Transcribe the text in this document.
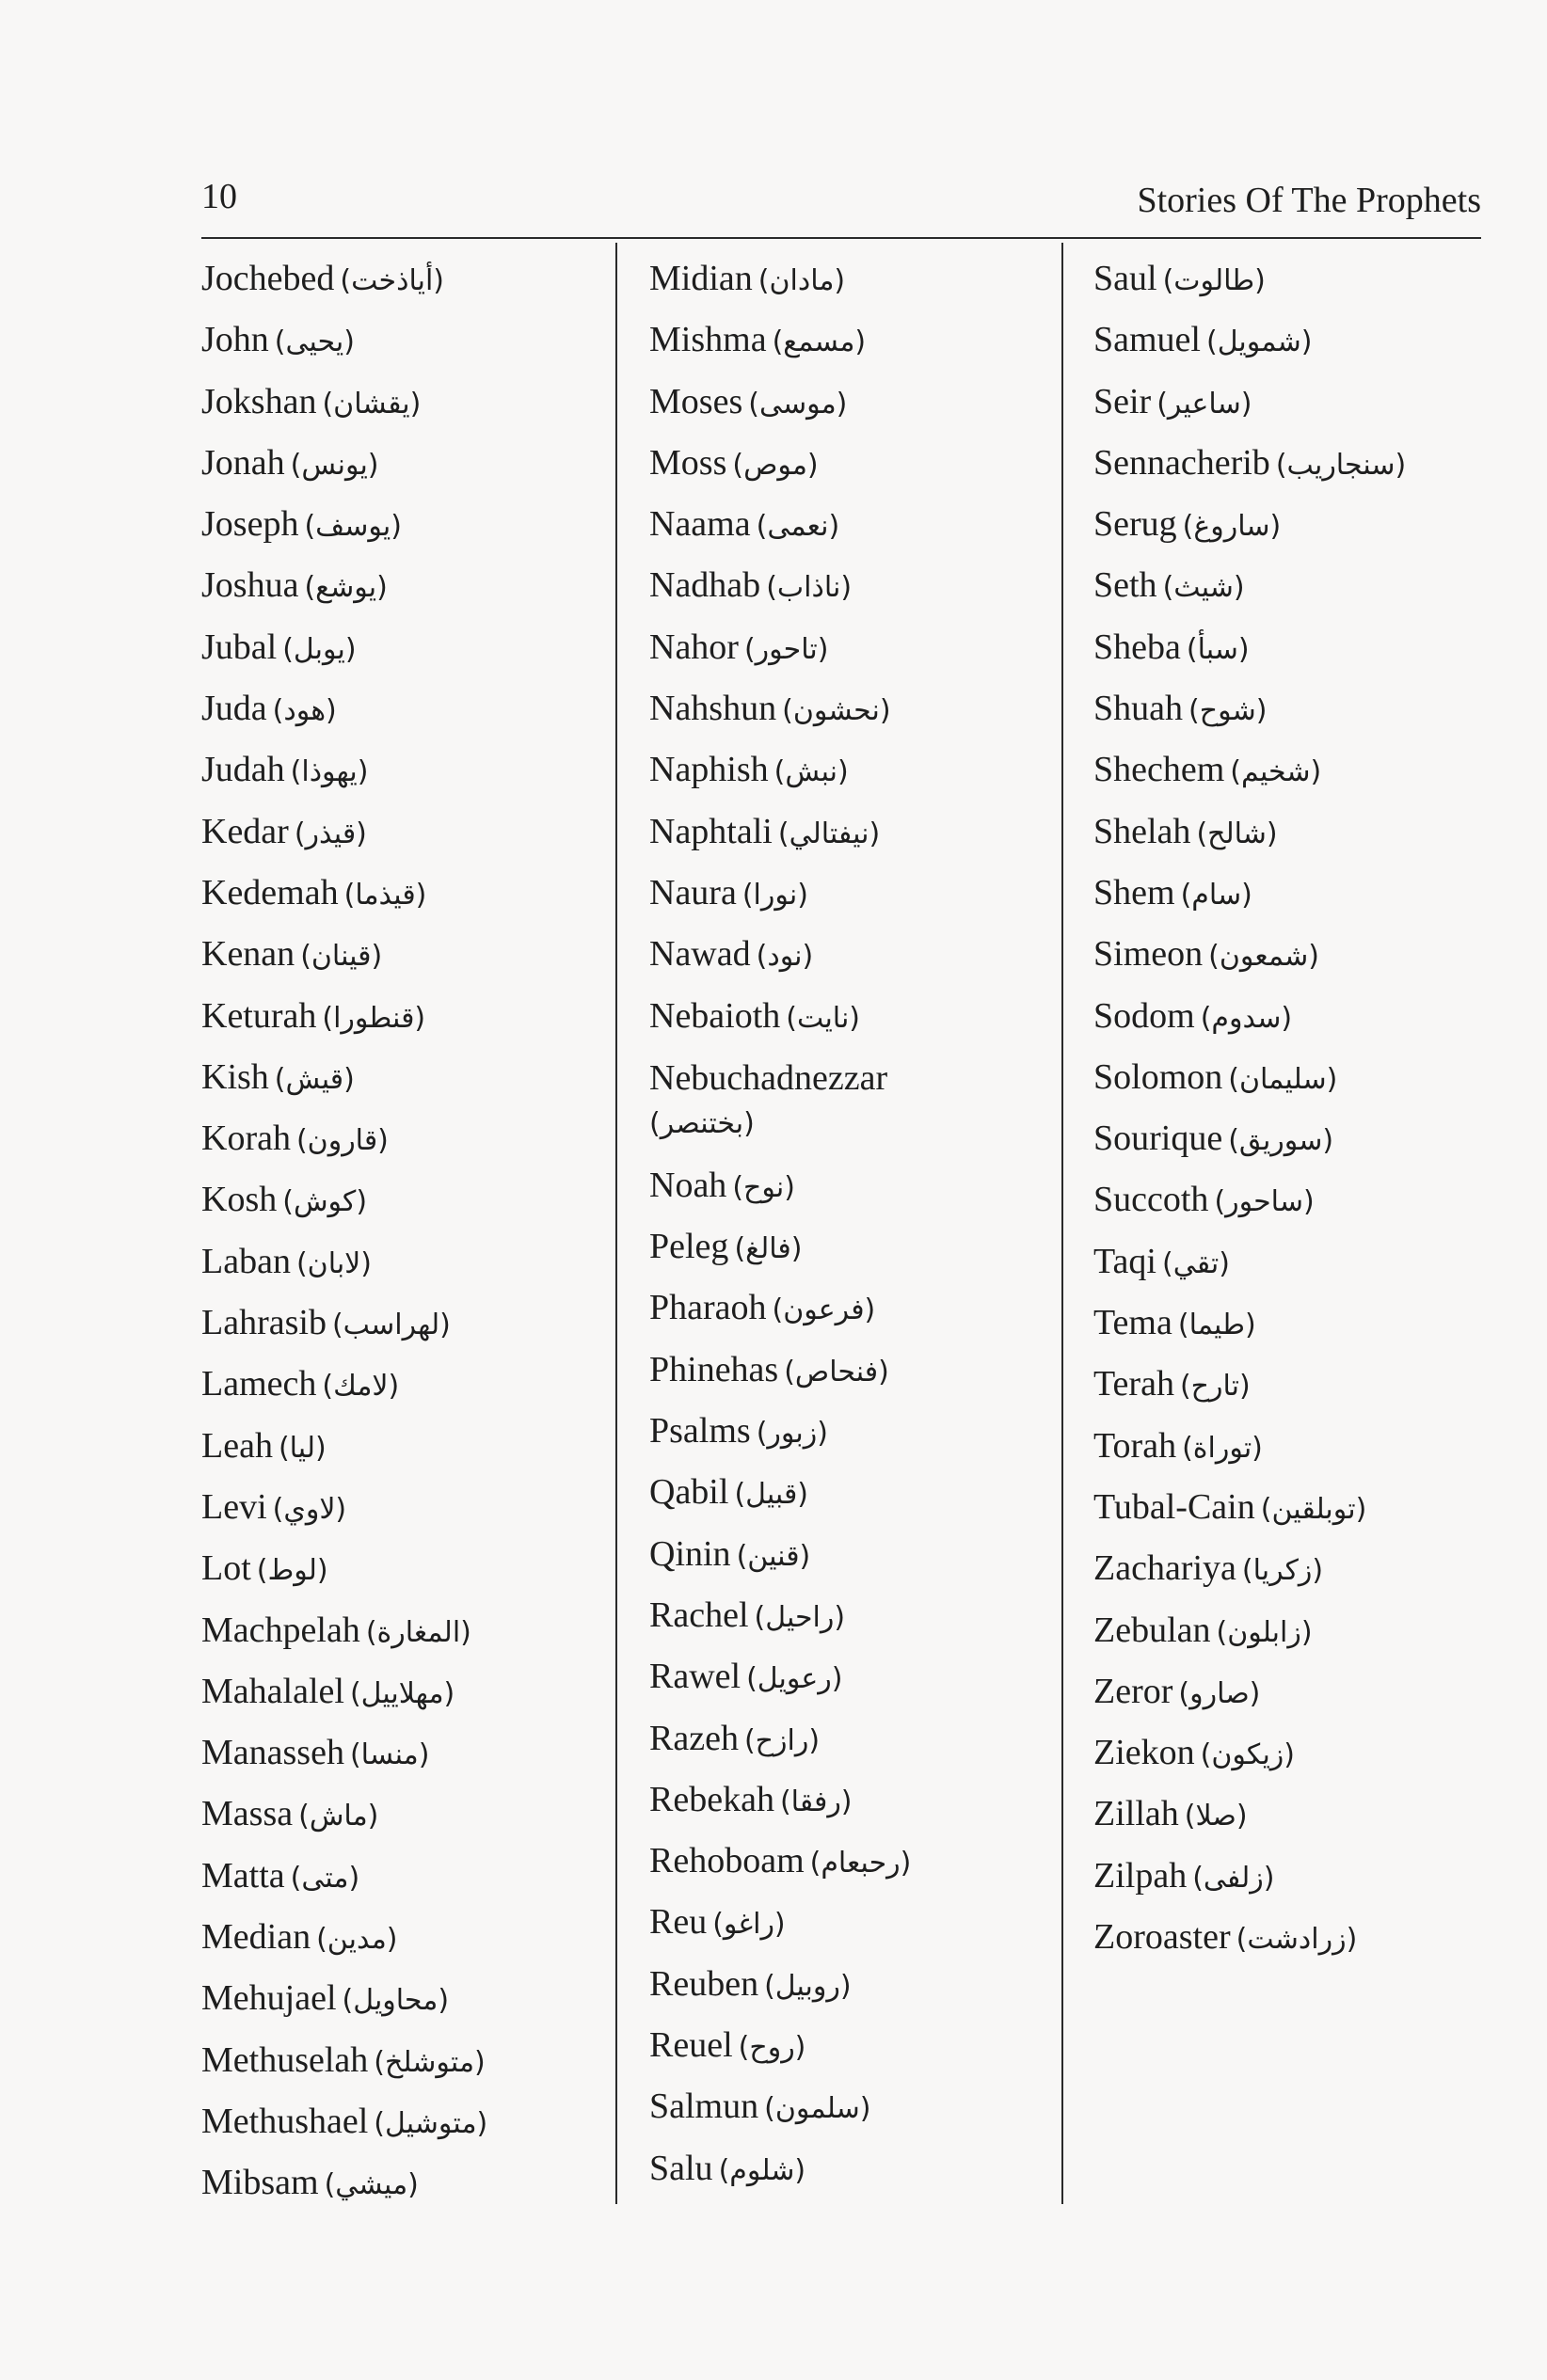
10	Stories Of The Prophets
Jochebed (أياذخت)
John (يحيى)
Jokshan (يقشان)
Jonah (يونس)
Joseph (يوسف)
Joshua (يوشع)
Jubal (يوبل)
Juda (هود)
Judah (يهوذا)
Kedar (قيذر)
Kedemah (قيذما)
Kenan (قينان)
Keturah (قنطورا)
Kish (قيش)
Korah (قارون)
Kosh (كوش)
Laban (لابان)
Lahrasib (لهراسب)
Lamech (لامك)
Leah (ليا)
Levi (لاوي)
Lot (لوط)
Machpelah (المغارة)
Mahalalel (مهلاييل)
Manasseh (منسا)
Massa (ماش)
Matta (متى)
Median (مدين)
Mehujael (محاويل)
Methuselah (متوشلخ)
Methushael (متوشيل)
Mibsam (ميشي)
Midian (مادان)
Mishma (مسمع)
Moses (موسى)
Moss (موص)
Naama (نعمى)
Nadhab (ناذاب)
Nahor (تاحور)
Nahshun (نحشون)
Naphish (نبش)
Naphtali (نيفتالي)
Naura (نورا)
Nawad (نود)
Nebaioth (نايت)
Nebuchadnezzar
(بختنصر)
Noah (نوح)
Peleg (فالغ)
Pharaoh (فرعون)
Phinehas (فنحاص)
Psalms (زبور)
Qabil (قبيل)
Qinin (قنين)
Rachel (راحيل)
Rawel (رعويل)
Razeh (رازح)
Rebekah (رفقا)
Rehoboam (رحبعام)
Reu (راغو)
Reuben (روبيل)
Reuel (روح)
Salmun (سلمون)
Salu (شلوم)
Saul (طالوت)
Samuel (شمويل)
Seir (ساعير)
Sennacherib (سنجاريب)
Serug (ساروغ)
Seth (شيث)
Sheba (سبأ)
Shuah (شوح)
Shechem (شخيم)
Shelah (شالح)
Shem (سام)
Simeon (شمعون)
Sodom (سدوم)
Solomon (سليمان)
Sourique (سوريق)
Succoth (ساحور)
Taqi (تقي)
Tema (طيما)
Terah (تارح)
Torah (توراة)
Tubal-Cain (توبلقين)
Zachariya (زكريا)
Zebulan (زابلون)
Zeror (صارو)
Ziekon (زيكون)
Zillah (صلا)
Zilpah (زلفى)
Zoroaster (زرادشت)
